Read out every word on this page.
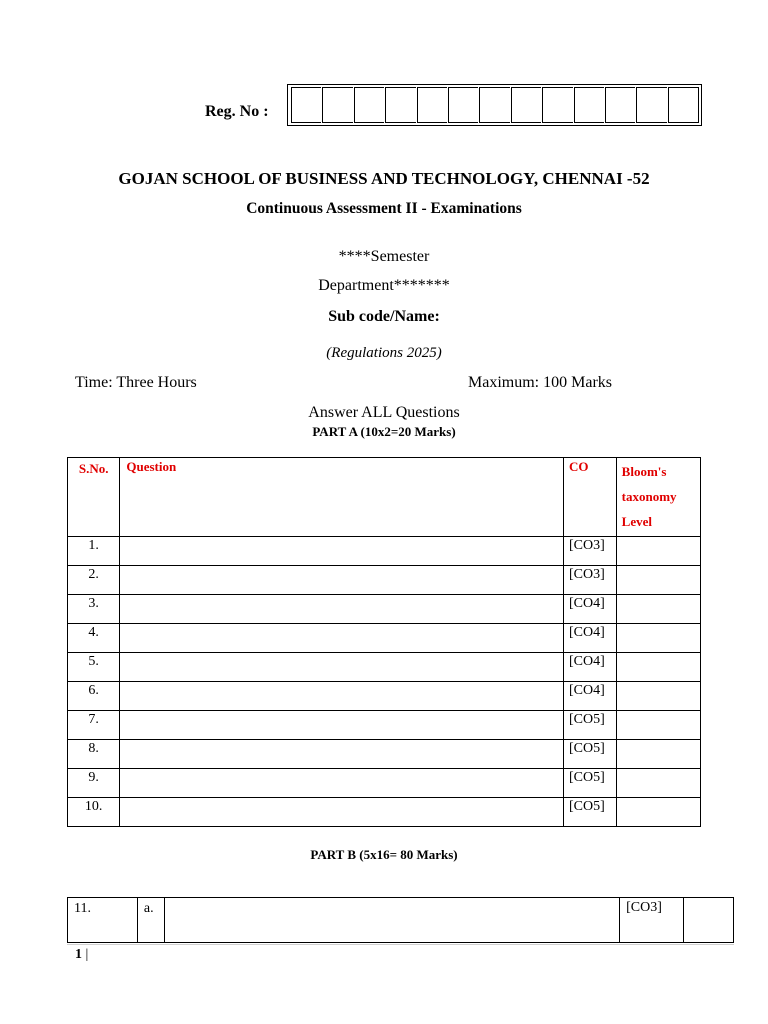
Reg. No :
GOJAN SCHOOL OF BUSINESS AND TECHNOLOGY, CHENNAI -52
Continuous Assessment II - Examinations
****Semester
Department*******
Sub code/Name:
(Regulations 2025)
Time: Three Hours	Maximum: 100 Marks
Answer ALL Questions
PART A (10x2=20 Marks)
S.No.	Question	CO	Bloom's
taxonomy
Level

1.		[CO3]	
2.		[CO3]	
3.		[CO4]	
4.		[CO4]	
5.		[CO4]	
6.		[CO4]	
7.		[CO5]	
8.		[CO5]	
9.		[CO5]	
10.		[CO5]	
PART B (5x16= 80 Marks)
11.	a.		[CO3]	
1 |
